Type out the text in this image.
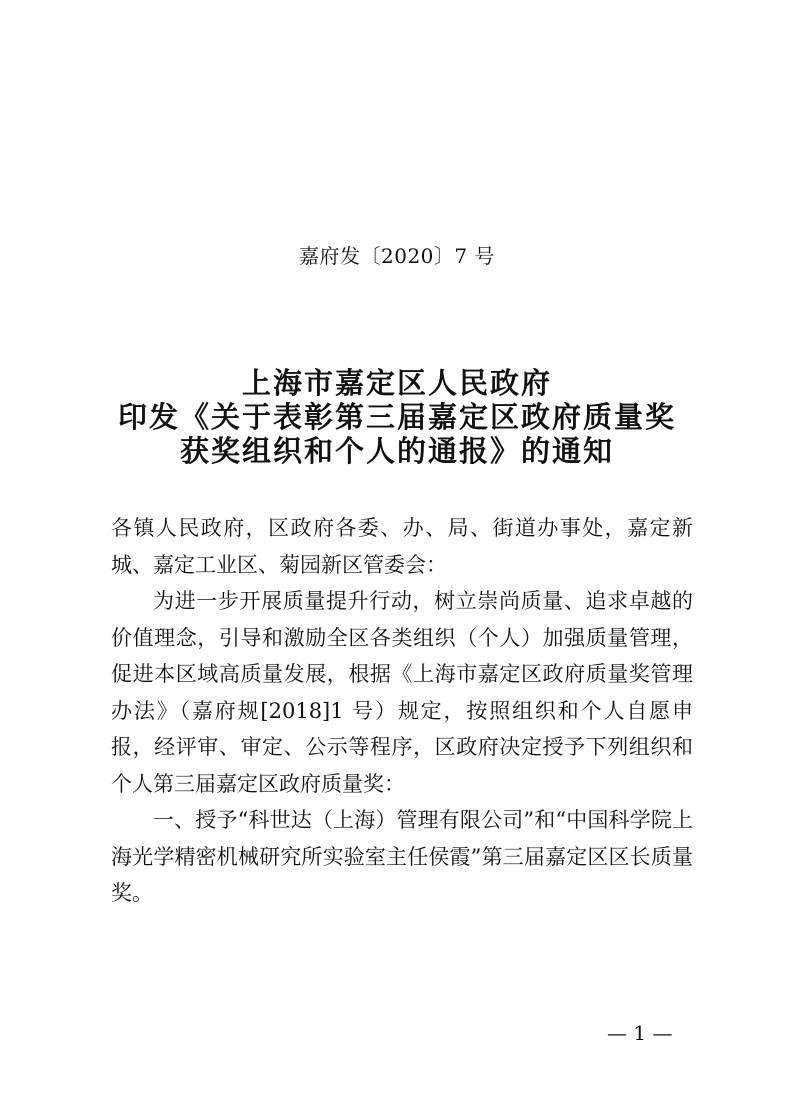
嘉府发〔2020〕7 号
上海市嘉定区人民政府
印发《关于表彰第三届嘉定区政府质量奖
获奖组织和个人的通报》的通知

各镇人民政府，区政府各委、办、局、街道办事处，嘉定新城、嘉定工业区、菊园新区管委会：

为进一步开展质量提升行动，树立崇尚质量、追求卓越的价值理念，引导和激励全区各类组织（个人）加强质量管理，促进本区域高质量发展，根据《上海市嘉定区政府质量奖管理办法》（嘉府规[2018]1 号）规定，按照组织和个人自愿申报，经评审、审定、公示等程序，区政府决定授予下列组织和个人第三届嘉定区政府质量奖：

一、授予“科世达（上海）管理有限公司”和“中国科学院上海光学精密机械研究所实验室主任侯霞”第三届嘉定区区长质量奖。

— 1 —
